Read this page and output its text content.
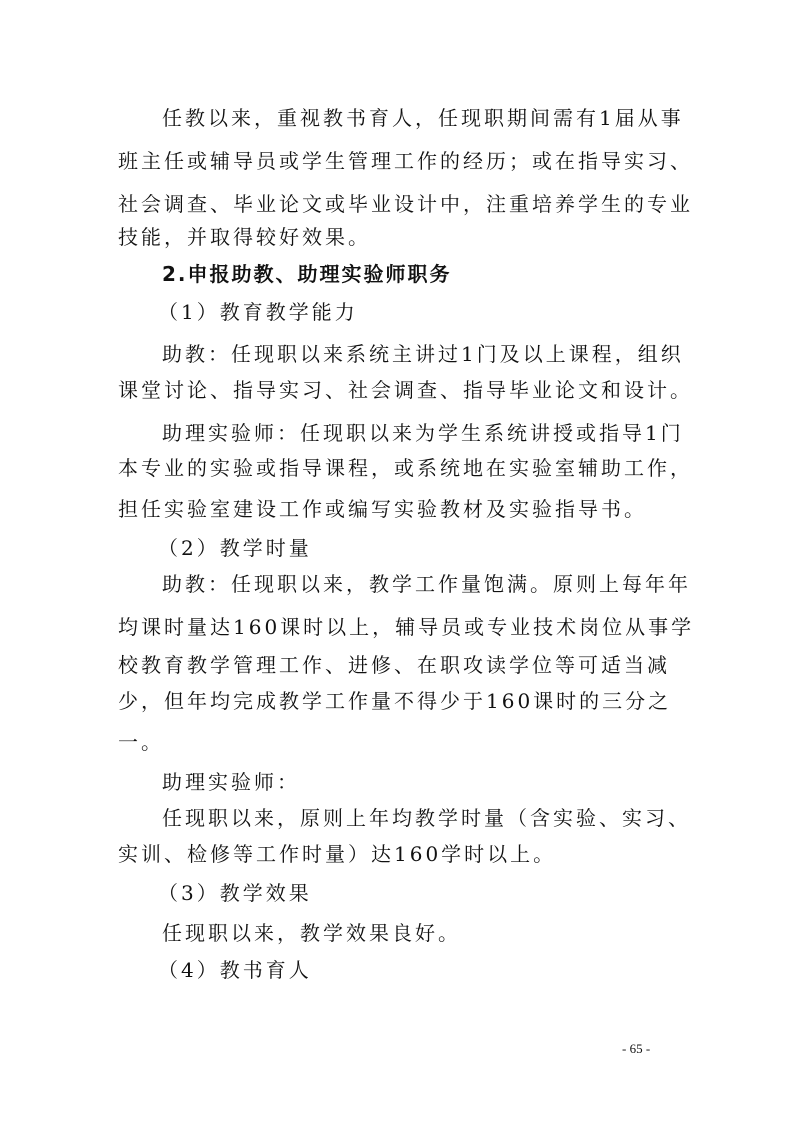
任教以来，重视教书育人，任现职期间需有1届从事
班主任或辅导员或学生管理工作的经历；或在指导实习、
社会调查、毕业论文或毕业设计中，注重培养学生的专业
技能，并取得较好效果。
2.申报助教、助理实验师职务
（1）教育教学能力
助教：任现职以来系统主讲过1门及以上课程，组织
课堂讨论、指导实习、社会调查、指导毕业论文和设计。
助理实验师：任现职以来为学生系统讲授或指导1门
本专业的实验或指导课程，或系统地在实验室辅助工作，
担任实验室建设工作或编写实验教材及实验指导书。
（2）教学时量
助教：任现职以来，教学工作量饱满。原则上每年年
均课时量达160课时以上，辅导员或专业技术岗位从事学
校教育教学管理工作、进修、在职攻读学位等可适当减
少，但年均完成教学工作量不得少于160课时的三分之
一。
助理实验师：
任现职以来，原则上年均教学时量（含实验、实习、
实训、检修等工作时量）达160学时以上。
（3）教学效果
任现职以来，教学效果良好。
（4）教书育人
- 65 -
